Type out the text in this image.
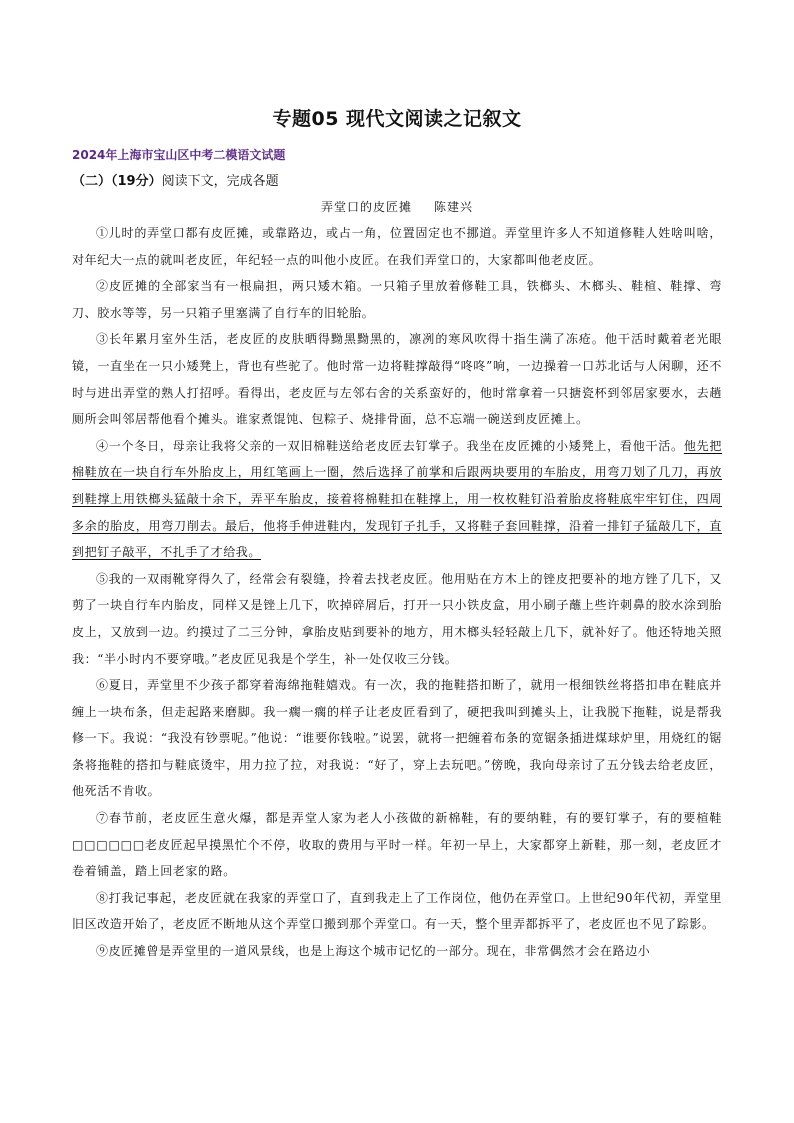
专题05 现代文阅读之记叙文
2024年上海市宝山区中考二模语文试题
（二）（19分）阅读下文，完成各题
弄堂口的皮匠摊 陈建兴

①儿时的弄堂口都有皮匠摊，或靠路边，或占一角，位置固定也不挪道。弄堂里许多人不知道修鞋人姓啥叫啥，对年纪大一点的就叫老皮匠，年纪轻一点的叫他小皮匠。在我们弄堂口的，大家都叫他老皮匠。

②皮匠摊的全部家当有一根扁担，两只矮木箱。一只箱子里放着修鞋工具，铁榔头、木榔头、鞋楦、鞋撑、弯刀、胶水等等，另一只箱子里塞满了自行车的旧轮胎。

③长年累月室外生活，老皮匠的皮肤晒得黝黑黝黑的，凛冽的寒风吹得十指生满了冻疮。他干活时戴着老光眼镜，一直坐在一只小矮凳上，背也有些驼了。他时常一边将鞋撑敲得“咚咚”响，一边操着一口苏北话与人闲聊，还不时与进出弄堂的熟人打招呼。看得出，老皮匠与左邻右舍的关系蛮好的，他时常拿着一只搪瓷杯到邻居家要水，去趟厕所会叫邻居帮他看个摊头。谁家煮馄饨、包粽子、烧排骨面，总不忘端一碗送到皮匠摊上。

④一个冬日，母亲让我将父亲的一双旧棉鞋送给老皮匠去钉掌子。我坐在皮匠摊的小矮凳上，看他干活。他先把棉鞋放在一块自行车外胎皮上，用红笔画上一圈，然后选择了前掌和后跟两块要用的车胎皮，用弯刀划了几刀，再放到鞋撑上用铁榔头猛敲十余下，弄平车胎皮，接着将棉鞋扣在鞋撑上，用一枚枚鞋钉沿着胎皮将鞋底牢牢钉住，四周多余的胎皮，用弯刀削去。最后，他将手伸进鞋内，发现钉子扎手，又将鞋子套回鞋撑，沿着一排钉子猛敲几下，直到把钉子敲平，不扎手了才给我。

⑤我的一双雨靴穿得久了，经常会有裂缝，拎着去找老皮匠。他用贴在方木上的锉皮把要补的地方锉了几下，又剪了一块自行车内胎皮，同样又是锉上几下，吹掉碎屑后，打开一只小铁皮盒，用小刷子蘸上些许刺鼻的胶水涂到胎皮上，又放到一边。约摸过了二三分钟，拿胎皮贴到要补的地方，用木榔头轻轻敲上几下，就补好了。他还特地关照我：“半小时内不要穿哦。”老皮匠见我是个学生，补一处仅收三分钱。

⑥夏日，弄堂里不少孩子都穿着海绵拖鞋嬉戏。有一次，我的拖鞋搭扣断了，就用一根细铁丝将搭扣串在鞋底并缠上一块布条，但走起路来磨脚。我一瘸一瘸的样子让老皮匠看到了，硬把我叫到摊头上，让我脱下拖鞋，说是帮我修一下。我说：“我没有钞票呢。”他说：“谁要你钱啦。”说罢，就将一把缠着布条的宽锯条插进煤球炉里，用烧红的锯条将拖鞋的搭扣与鞋底烫牢，用力拉了拉，对我说：“好了，穿上去玩吧。”傍晚，我向母亲讨了五分钱去给老皮匠，他死活不肯收。

⑦春节前，老皮匠生意火爆，都是弄堂人家为老人小孩做的新棉鞋，有的要纳鞋，有的要钉掌子，有的要楦鞋□□□□□□老皮匠起早摸黑忙个不停，收取的费用与平时一样。年初一早上，大家都穿上新鞋，那一刻，老皮匠才卷着铺盖，踏上回老家的路。

⑧打我记事起，老皮匠就在我家的弄堂口了，直到我走上了工作岗位，他仍在弄堂口。上世纪90年代初，弄堂里旧区改造开始了，老皮匠不断地从这个弄堂口搬到那个弄堂口。有一天，整个里弄都拆平了，老皮匠也不见了踪影。

⑨皮匠摊曾是弄堂里的一道风景线，也是上海这个城市记忆的一部分。现在，非常偶然才会在路边小
